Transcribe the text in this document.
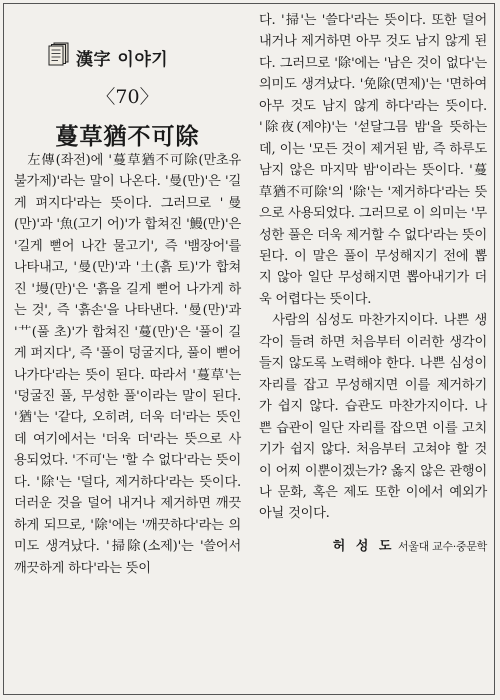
漢字 이야기
〈70〉
蔓草猶不可除

左傳(좌전)에 '蔓草猶不可除(만초유불가제)'라는 말이 나온다. '曼(만)'은 '길게 펴지다'라는 뜻이다. 그러므로 '曼(만)'과 '魚(고기 어)'가 합쳐진 '鰻(만)'은 '길게 뻗어 나간 물고기', 즉 '뱀장어'를 나타내고, '曼(만)'과 '土(흙 토)'가 합쳐진 '墁(만)'은 '흙을 길게 뻗어 나가게 하는 것', 즉 '흙손'을 나타낸다. '曼(만)'과 '艹(풀 초)'가 합쳐진 '蔓(만)'은 '풀이 길게 퍼지다', 즉 '풀이 덩굴지다, 풀이 뻗어 나가다'라는 뜻이 된다. 따라서 '蔓草'는 '덩굴진 풀, 무성한 풀'이라는 말이 된다. '猶'는 '같다, 오히려, 더욱 더'라는 뜻인데 여기에서는 '더욱 더'라는 뜻으로 사용되었다. '不可'는 '할 수 없다'라는 뜻이다. '除'는 '덜다, 제거하다'라는 뜻이다. 더러운 것을 덜어 내거나 제거하면 깨끗하게 되므로, '除'에는 '깨끗하다'라는 의미도 생겨났다. '掃除(소제)'는 '쓸어서 깨끗하게 하다'라는 뜻이

다. '掃'는 '쓸다'라는 뜻이다. 또한 덜어 내거나 제거하면 아무 것도 남지 않게 된다. 그러므로 '除'에는 '남은 것이 없다'는 의미도 생겨났다. '免除(면제)'는 '면하여 아무 것도 남지 않게 하다'라는 뜻이다. '除夜(제야)'는 '섣달그믐 밤'을 뜻하는데, 이는 '모든 것이 제거된 밤, 즉 하루도 남지 않은 마지막 밤'이라는 뜻이다. '蔓草猶不可除'의 '除'는 '제거하다'라는 뜻으로 사용되었다. 그러므로 이 의미는 '무성한 풀은 더욱 제거할 수 없다'라는 뜻이 된다. 이 말은 풀이 무성해지기 전에 뽑지 않아 일단 무성해지면 뽑아내기가 더욱 어렵다는 뜻이다.

사람의 심성도 마찬가지이다. 나쁜 생각이 들려 하면 처음부터 이러한 생각이 들지 않도록 노력해야 한다. 나쁜 심성이 자리를 잡고 무성해지면 이를 제거하기가 쉽지 않다. 습관도 마찬가지이다. 나쁜 습관이 일단 자리를 잡으면 이를 고치기가 쉽지 않다. 처음부터 고쳐야 할 것이 어찌 이뿐이겠는가? 옳지 않은 관행이나 문화, 혹은 제도 또한 이에서 예외가 아닐 것이다.

허 성 도 서울대 교수·중문학
